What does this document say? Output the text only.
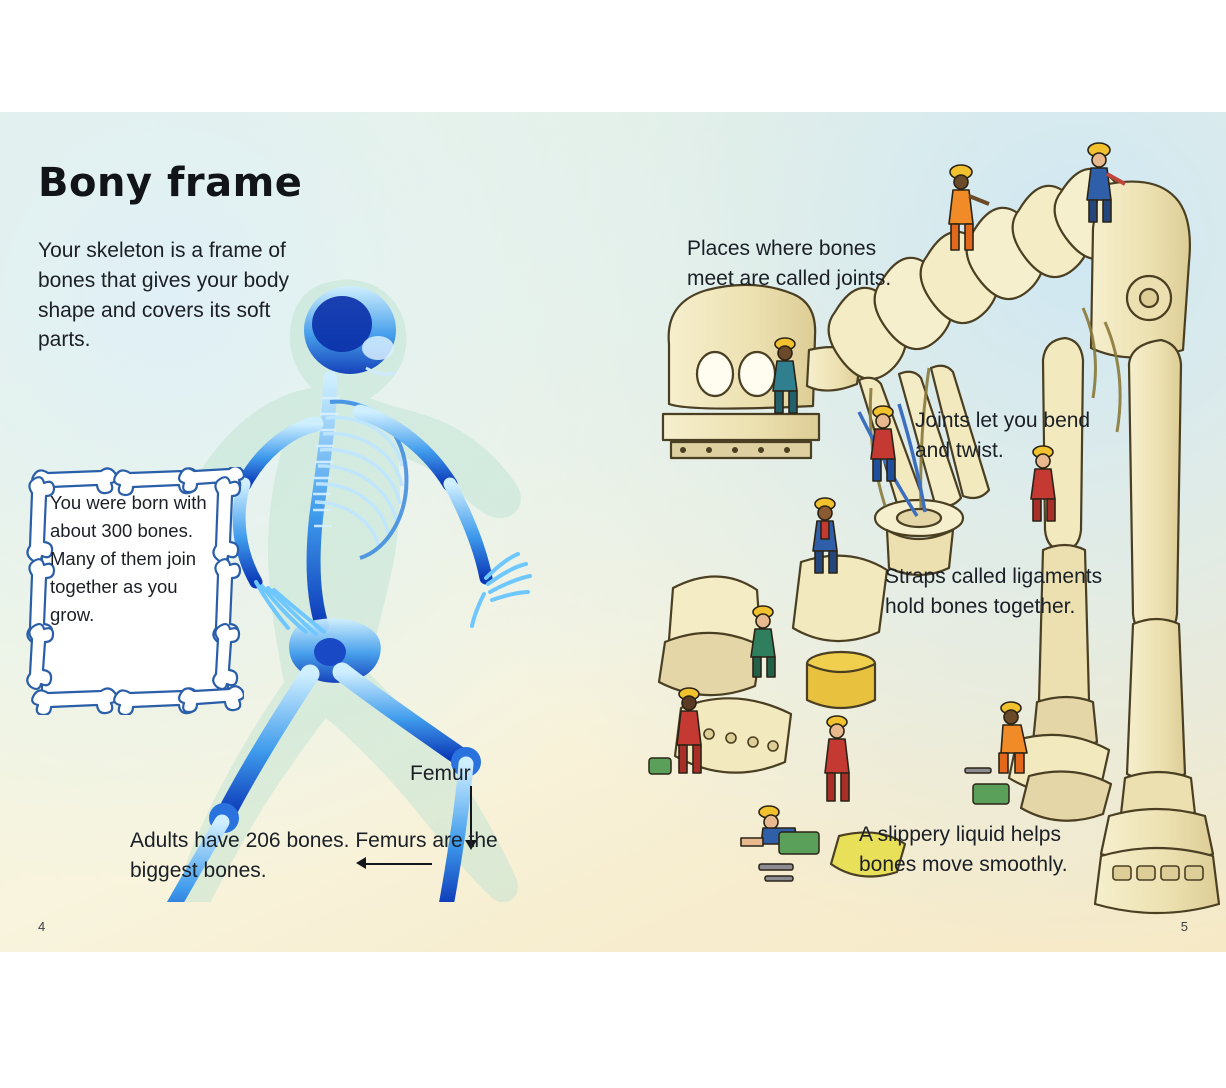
Bony frame
Your skeleton is a frame of bones that gives your body shape and covers its soft parts.
Femur
You were born with about 300 bones. Many of them join together as you grow.
Adults have 206 bones. Femurs are the biggest bones.
4
Places where bones meet are called joints.
Joints let you bend and twist.
Straps called ligaments hold bones together.
A slippery liquid helps bones move smoothly.
5
